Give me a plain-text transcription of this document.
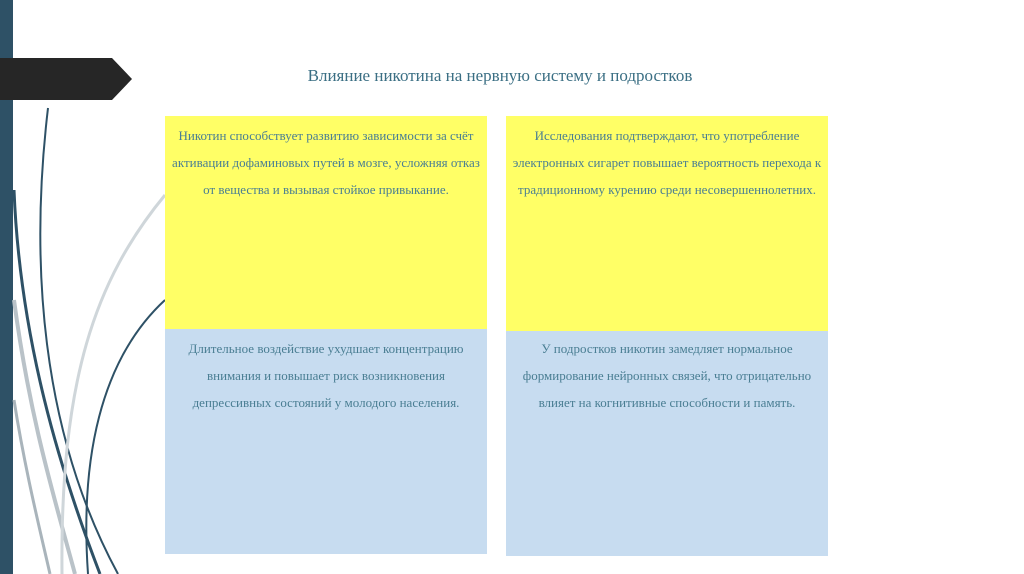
Влияние никотина на нервную систему и подростков
Никотин способствует развитию зависимости за счёт активации дофаминовых путей в мозге, усложняя отказ от вещества и вызывая стойкое привыкание.
Исследования подтверждают, что употребление электронных сигарет повышает вероятность перехода к традиционному курению среди несовершеннолетних.
Длительное воздействие ухудшает концентрацию внимания и повышает риск возникновения депрессивных состояний у молодого населения.
У подростков никотин замедляет нормальное формирование нейронных связей, что отрицательно влияет на когнитивные способности и память.
